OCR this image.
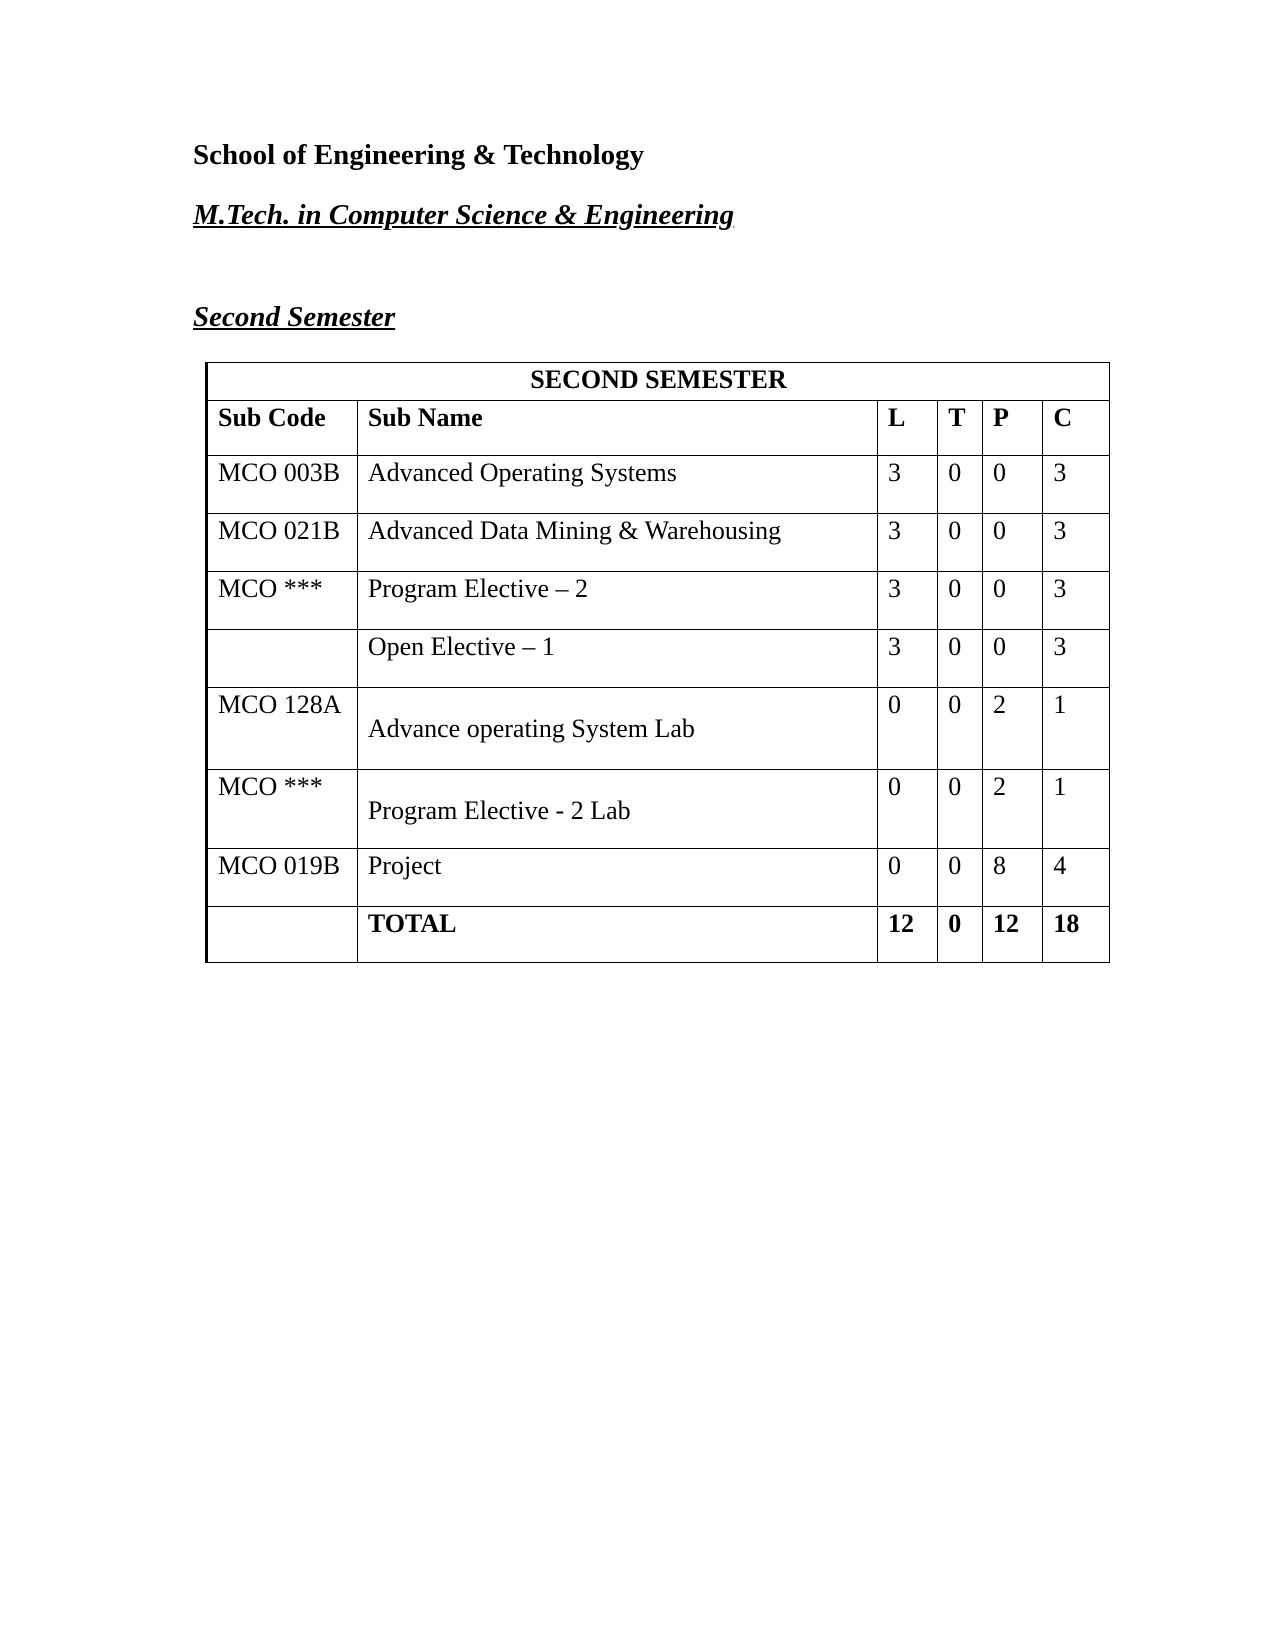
School of Engineering & Technology
M.Tech. in Computer Science & Engineering
Second Semester
SECOND SEMESTER					
Sub Code	Sub Name	L	T	P	C
MCO 003B	Advanced Operating Systems	3	0	0	3
MCO 021B	Advanced Data Mining & Warehousing	3	0	0	3
MCO ***	Program Elective – 2	3	0	0	3
	Open Elective – 1	3	0	0	3
MCO 128A	Advance operating System Lab	0	0	2	1
MCO ***	Program Elective - 2 Lab	0	0	2	1
MCO 019B	Project	0	0	8	4
	TOTAL	12	0	12	18
